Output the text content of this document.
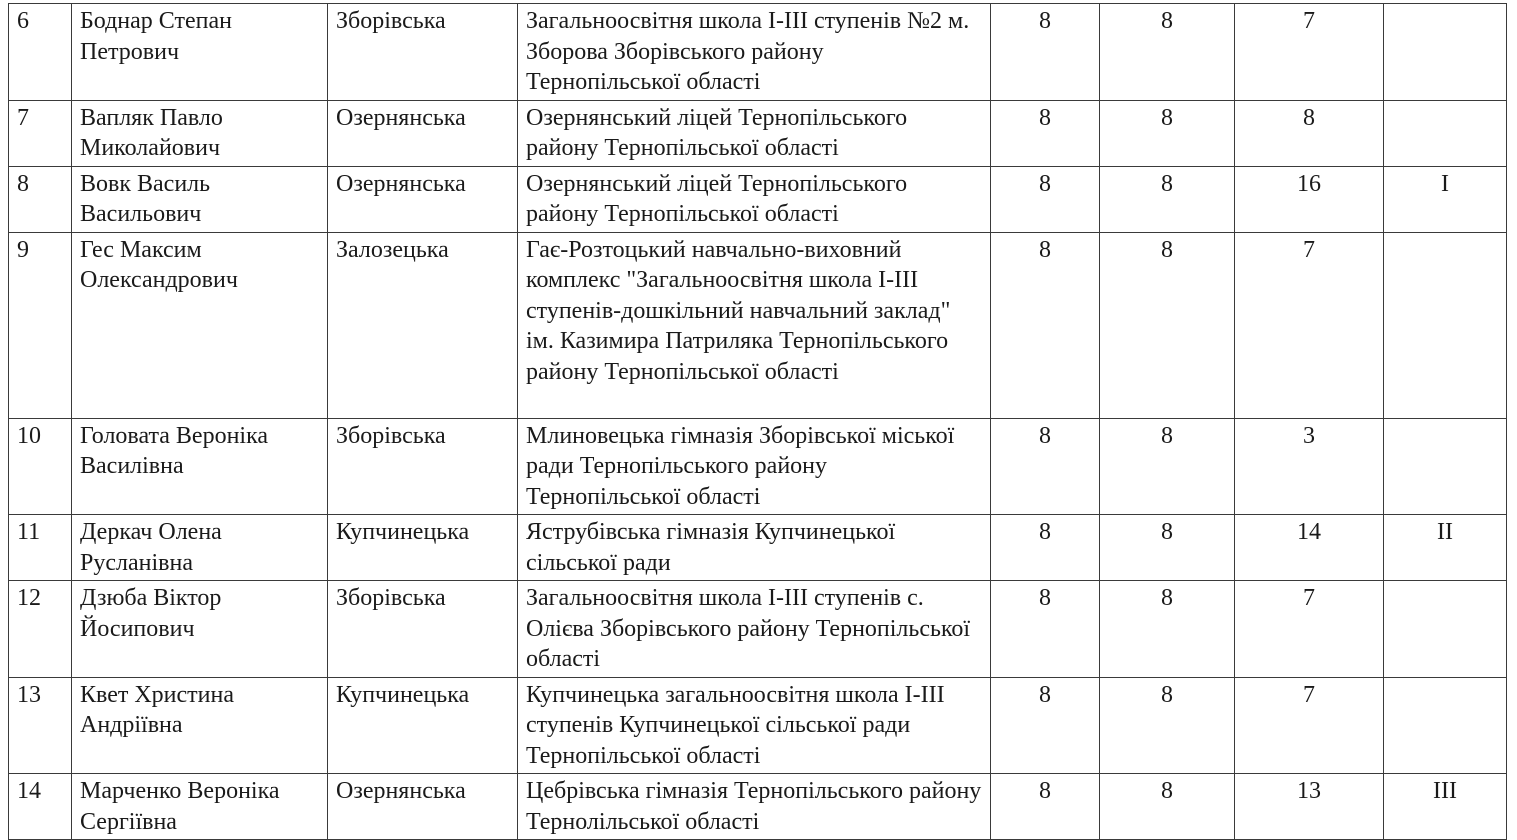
6	Боднар Степан Петрович	Зборівська	Загальноосвітня школа I-III ступенів №2 м. Зборова Зборівського району Тернопільської області	8	8	7	
7	Вапляк Павло Миколайович	Озернянська	Озернянський ліцей Тернопільського району Тернопільської області	8	8	8	
8	Вовк Василь Васильович	Озернянська	Озернянський ліцей Тернопільського району Тернопільської області	8	8	16	I
9	Гес Максим Олександрович	Залозецька	Гає-Розтоцький навчально-виховний комплекс "Загальноосвітня школа I-III ступенів-дошкільний навчальний заклад" ім. Казимира Патриляка Тернопільського району Тернопільської області	8	8	7	
10	Головата Вероніка Василівна	Зборівська	Млиновецька гімназія Зборівської міської ради Тернопільського району Тернопільської області	8	8	3	
11	Деркач Олена Русланівна	Купчинецька	Яструбівська гімназія Купчинецької сільської ради	8	8	14	II
12	Дзюба Віктор Йосипович	Зборівська	Загальноосвітня школа I-III ступенів с. Олієва Зборівського району Тернопільської області	8	8	7	
13	Квет Христина Андріївна	Купчинецька	Купчинецька загальноосвітня школа I-III ступенів Купчинецької сільської ради Тернопільської області	8	8	7	
14	Марченко Вероніка Сергіївна	Озернянська	Цебрівська гімназія Тернопільського району Тернолільської області	8	8	13	III
